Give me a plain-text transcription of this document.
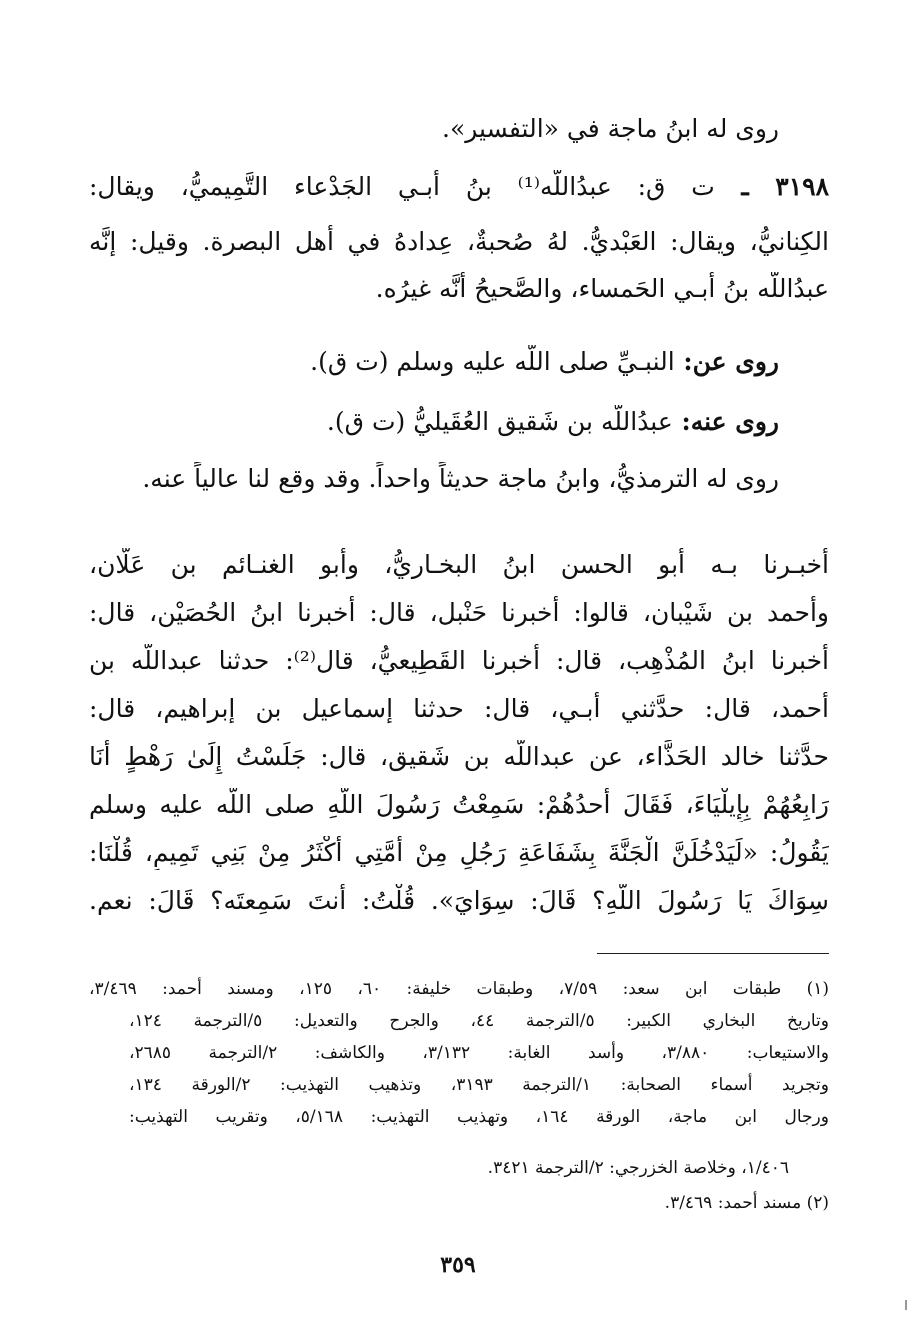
روى له ابنُ ماجة في «التفسير».
٣١٩٨ ـ ت ق: عبدُاللَّه⁽¹⁾ بنُ أبـي الجَدْعاء التَّمِيميُّ، ويقال:
الكِنانيُّ، ويقال: العَبْديُّ. لهُ صُحبةٌ، عِدادهُ في أهل البصرة. وقيل: إنَّه
عبدُاللَّه بنُ أبـي الحَمساء، والصَّحيحُ أنَّه غيرُه.
روى عن: النبـيِّ صلى اللَّه عليه وسلم (ت ق).
روى عنه: عبدُاللَّه بن شَقيق العُقَيليُّ (ت ق).
روى له الترمذيُّ، وابنُ ماجة حديثاً واحداً. وقد وقع لنا عالياً عنه.
أخبـرنا بـه أبو الحسن ابنُ البخـاريُّ، وأبو الغنـائم بن عَلَّان،
وأحمد بن شَيْبان، قالوا: أخبرنا حَنْبل، قال: أخبرنا ابنُ الحُصَيْن، قال:
أخبرنا ابنُ المُذْهِب، قال: أخبرنا القَطِيعيُّ، قال⁽²⁾: حدثنا عبداللَّه بن
أحمد، قال: حدَّثني أبـي، قال: حدثنا إسماعيل بن إبراهيم، قال:
حدَّثنا خالد الحَذَّاء، عن عبداللَّه بن شَقيق، قال: جَلَسْتُ إِلَىٰ رَهْطٍ أَنَا
رَابِعُهُمْ بِإِيلْيَاءَ، فَقَالَ أَحدُهُمْ: سَمِعْتُ رَسُولَ اللَّهِ صلى اللَّه عليه وسلم
يَقُولُ: «لَيَدْخُلَنَّ الْجَنَّةَ بِشَفَاعَةِ رَجُلٍ مِنْ أُمَّتِي أَكْثَرُ مِنْ بَنِي تَمِيمٍ، قُلْنَا:
سِوَاكَ يَا رَسُولَ اللَّهِ؟ قَالَ: سِوَايَ». قُلْتُ: أَنتَ سَمِعتَه؟ قَالَ: نعم.
(١) طبقات ابن سعد: ٧/٥٩، وطبقات خليفة: ٦٠، ١٢٥، ومسند أحمد: ٣/٤٦٩،
وتاريخ البخاري الكبير: ٥/الترجمة ٤٤، والجرح والتعديل: ٥/الترجمة ١٢٤،
والاستيعاب: ٣/٨٨٠، وأسد الغابة: ٣/١٣٢، والكاشف: ٢/الترجمة ٢٦٨٥،
وتجريد أسماء الصحابة: ١/الترجمة ٣١٩٣، وتذهيب التهذيب: ٢/الورقة ١٣٤،
ورجال ابن ماجة، الورقة ١٦٤، وتهذيب التهذيب: ٥/١٦٨، وتقريب التهذيب:
١/٤٠٦، وخلاصة الخزرجي: ٢/الترجمة ٣٤٢١.
(٢) مسند أحمد: ٣/٤٦٩.
٣٥٩
